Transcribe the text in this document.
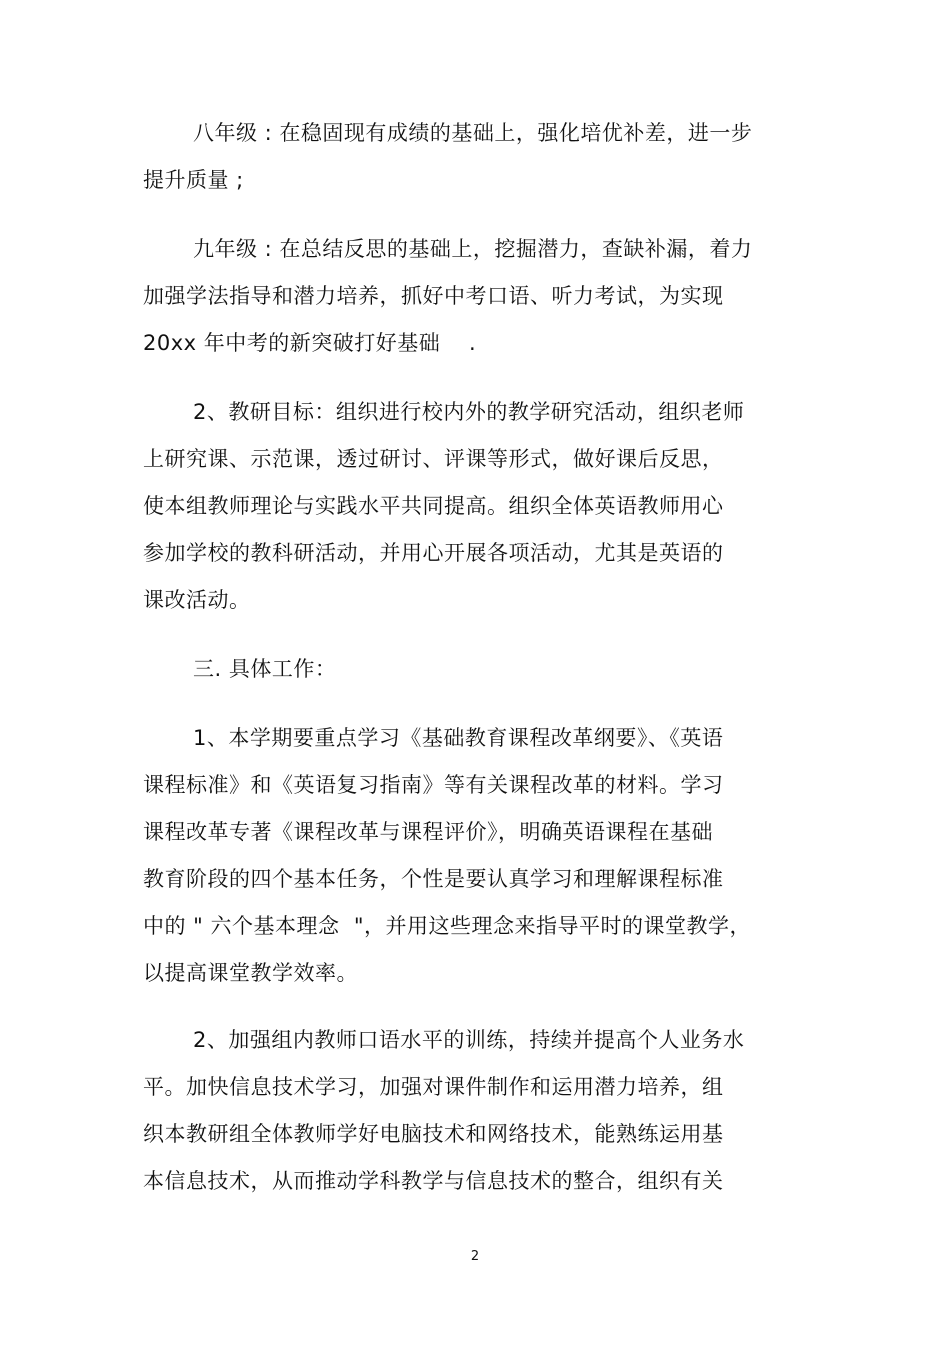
八年级 : 在稳固现有成绩的基础上，强化培优补差，进一步
提升质量 ;
九年级 : 在总结反思的基础上，挖掘潜力，查缺补漏，着力
加强学法指导和潜力培养，抓好中考口语、听力考试，为实现
20xx 年中考的新突破打好基础    .
2、教研目标：组织进行校内外的教学研究活动，组织老师
上研究课、示范课，透过研讨、评课等形式，做好课后反思，
使本组教师理论与实践水平共同提高。组织全体英语教师用心
参加学校的教科研活动，并用心开展各项活动，尤其是英语的
课改活动。
三. 具体工作：
1、本学期要重点学习《基础教育课程改革纲要》、《英语
课程标准》和《英语复习指南》等有关课程改革的材料。学习
课程改革专著《课程改革与课程评价》，明确英语课程在基础
教育阶段的四个基本任务，个性是要认真学习和理解课程标准
中的 " 六个基本理念  "，并用这些理念来指导平时的课堂教学，
以提高课堂教学效率。
2、加强组内教师口语水平的训练，持续并提高个人业务水
平。加快信息技术学习，加强对课件制作和运用潜力培养，组
织本教研组全体教师学好电脑技术和网络技术，能熟练运用基
本信息技术，从而推动学科教学与信息技术的整合，组织有关
2
